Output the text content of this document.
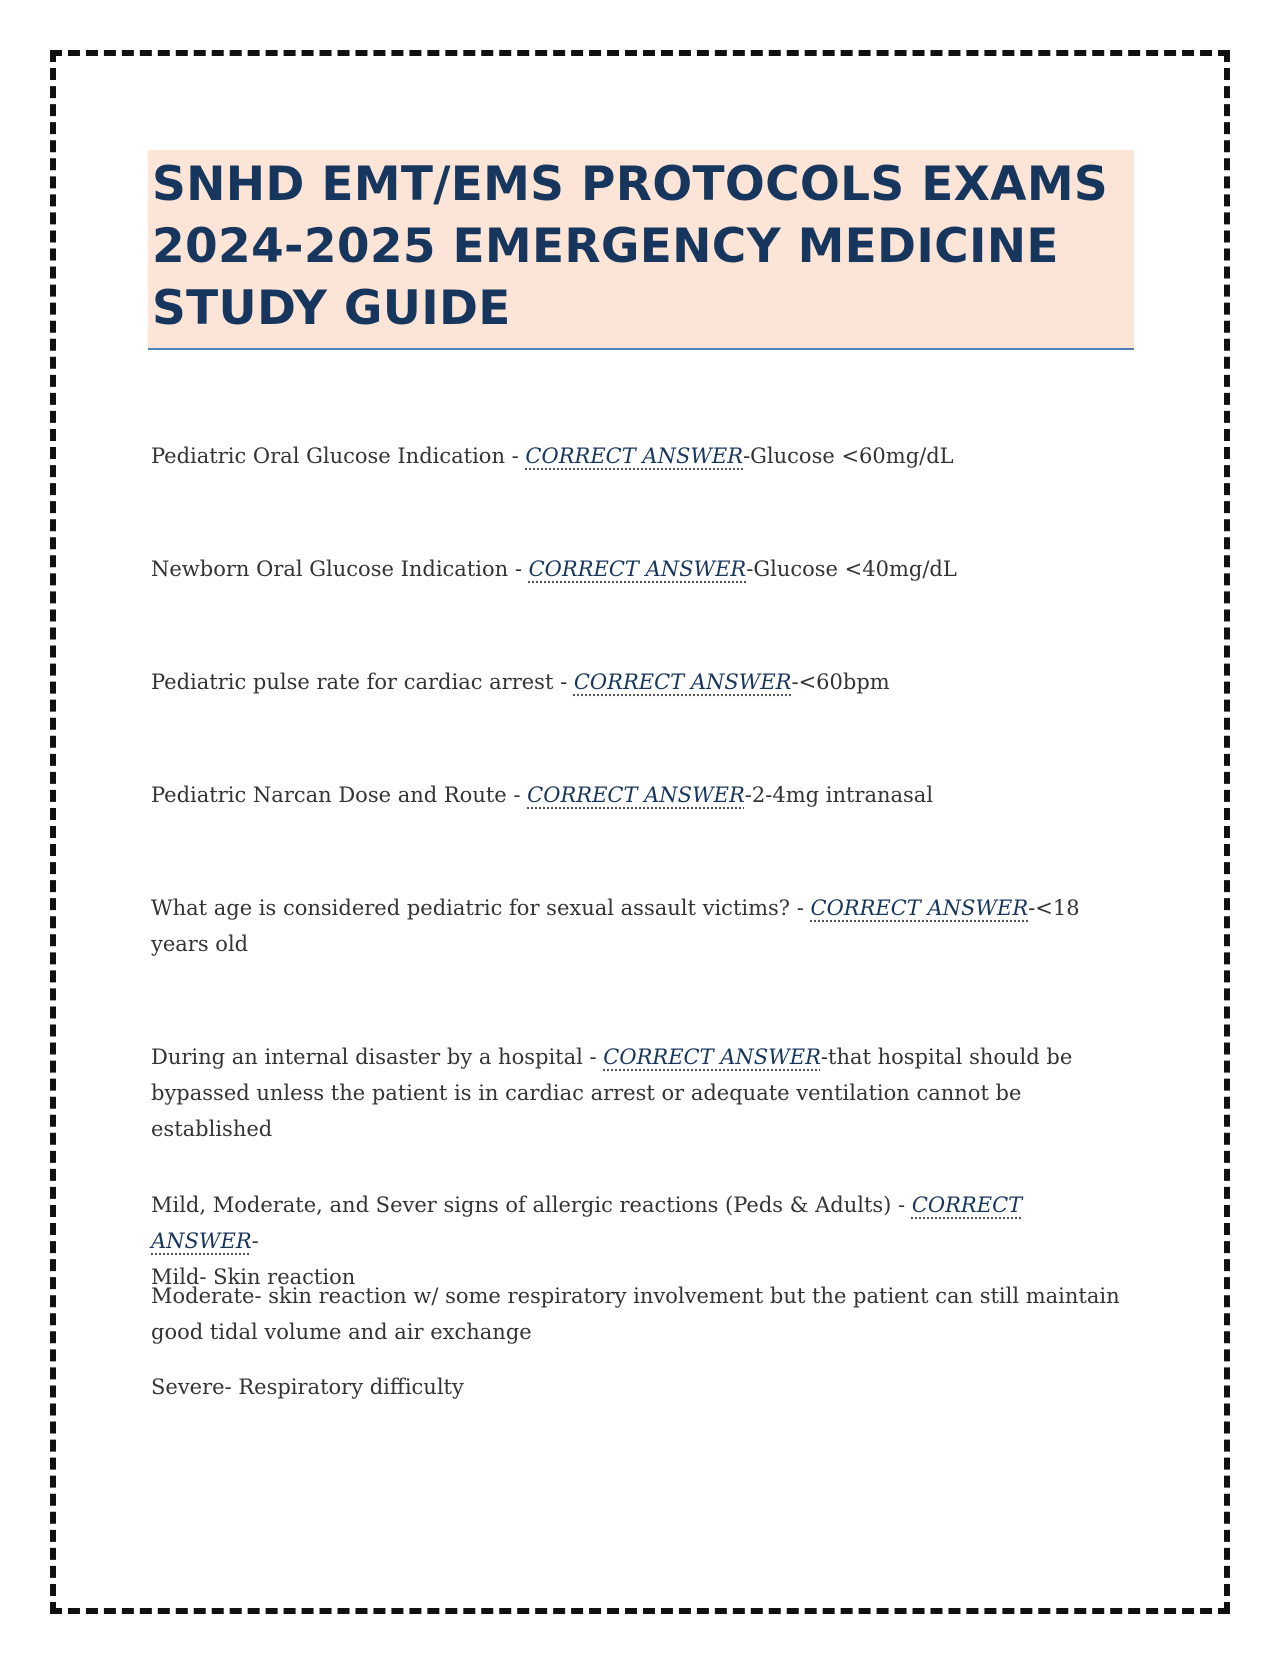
SNHD EMT/EMS PROTOCOLS EXAMS
2024-2025 EMERGENCY MEDICINE
STUDY GUIDE

Pediatric Oral Glucose Indication - CORRECT ANSWER-Glucose <60mg/dL

Newborn Oral Glucose Indication - CORRECT ANSWER-Glucose <40mg/dL

Pediatric pulse rate for cardiac arrest - CORRECT ANSWER-<60bpm

Pediatric Narcan Dose and Route - CORRECT ANSWER-2-4mg intranasal

What age is considered pediatric for sexual assault victims? - CORRECT ANSWER-<18 years old

During an internal disaster by a hospital - CORRECT ANSWER-that hospital should be bypassed unless the patient is in cardiac arrest or adequate ventilation cannot be established

Mild, Moderate, and Sever signs of allergic reactions (Peds & Adults) - CORRECT ANSWER-
Mild- Skin reaction

Moderate- skin reaction w/ some respiratory involvement but the patient can still maintain good tidal volume and air exchange

Severe- Respiratory difficulty
